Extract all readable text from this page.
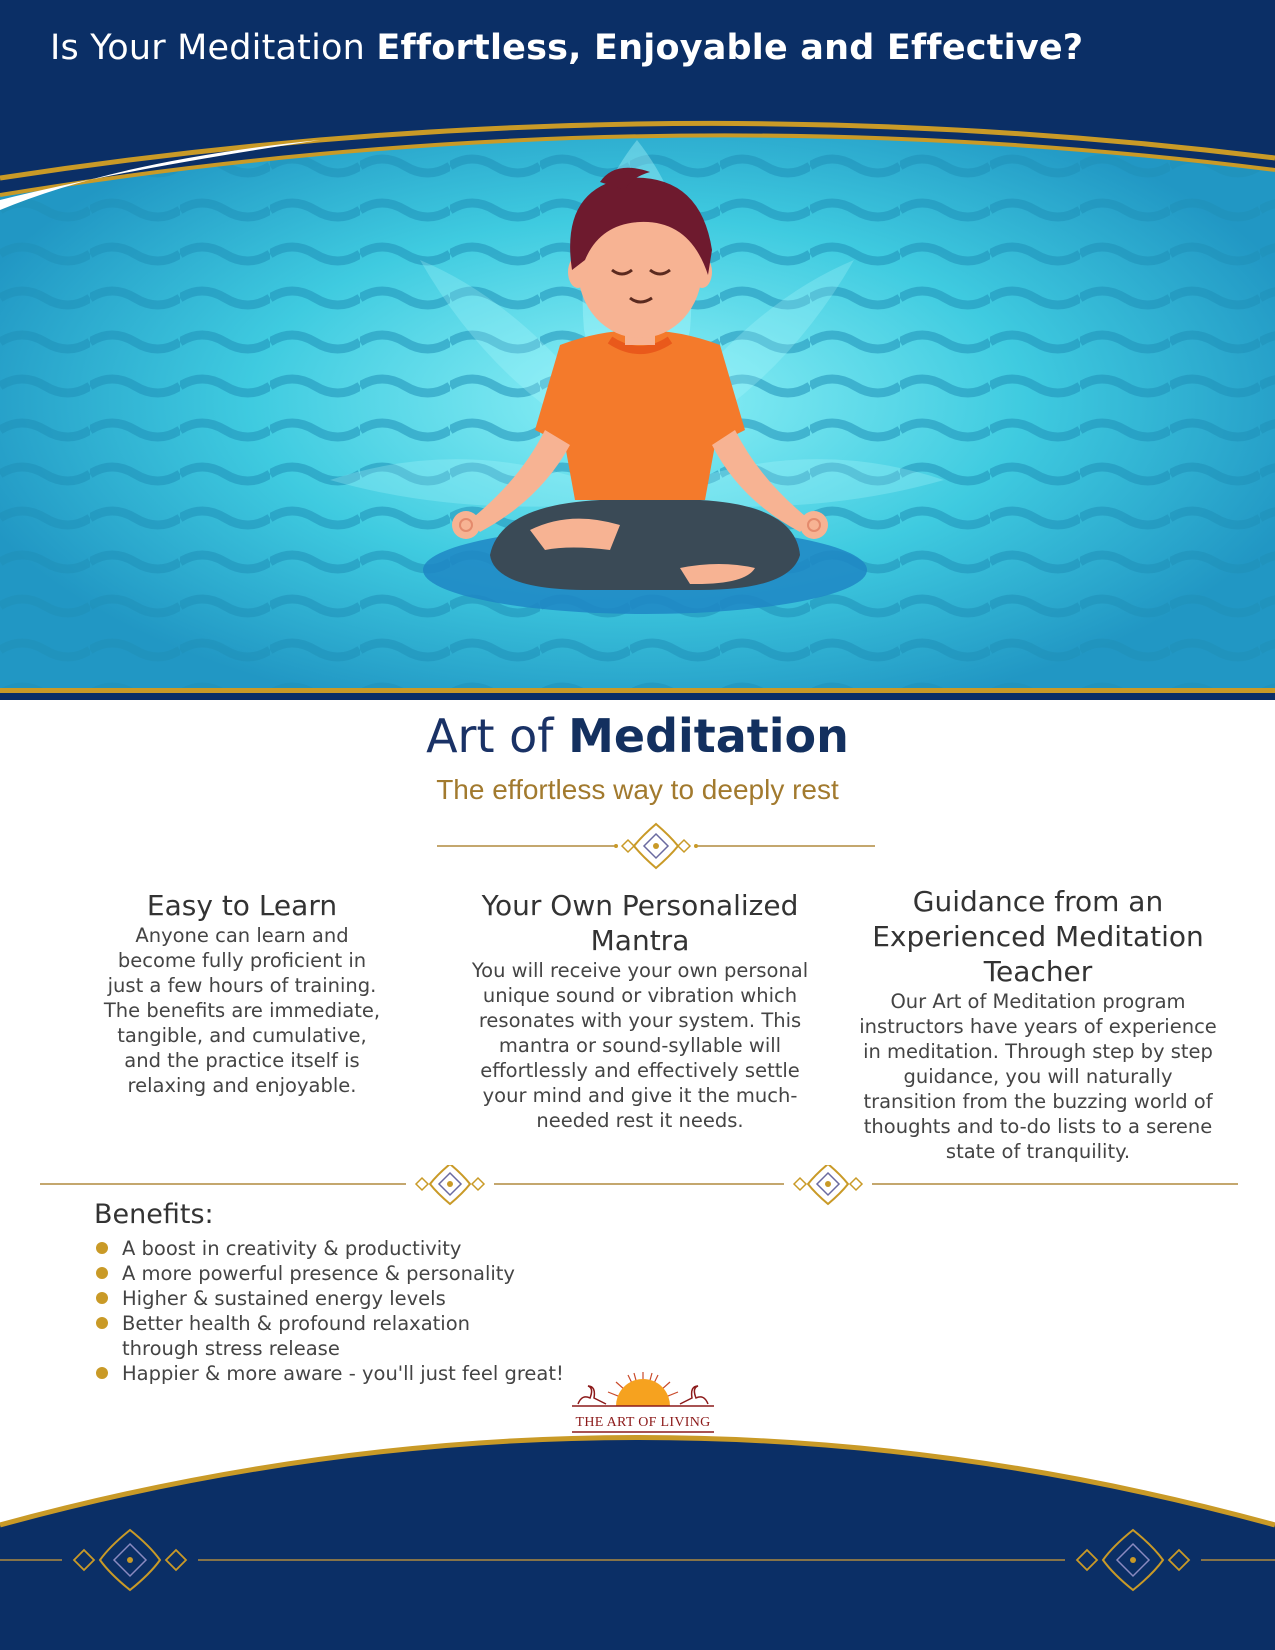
Is Your Meditation Effortless, Enjoyable and Effective?
Art of Meditation

The effortless way to deeply rest

Easy to Learn

Anyone can learn and become fully proficient in just a few hours of training. The benefits are immediate, tangible, and cumulative, and the practice itself is relaxing and enjoyable.

Your Own Personalized Mantra

You will receive your own personal unique sound or vibration which resonates with your system. This mantra or sound-syllable will effortlessly and effectively settle your mind and give it the much-needed rest it needs.

Guidance from an Experienced Meditation Teacher

Our Art of Meditation program instructors have years of experience in meditation. Through step by step guidance, you will naturally transition from the buzzing world of thoughts and to-do lists to a serene state of tranquility.

Benefits:
A boost in creativity & productivity
A more powerful presence & personality
Higher & sustained energy levels
Better health & profound relaxation through stress release
Happier & more aware - you'll just feel great!
THE ART OF LIVING
